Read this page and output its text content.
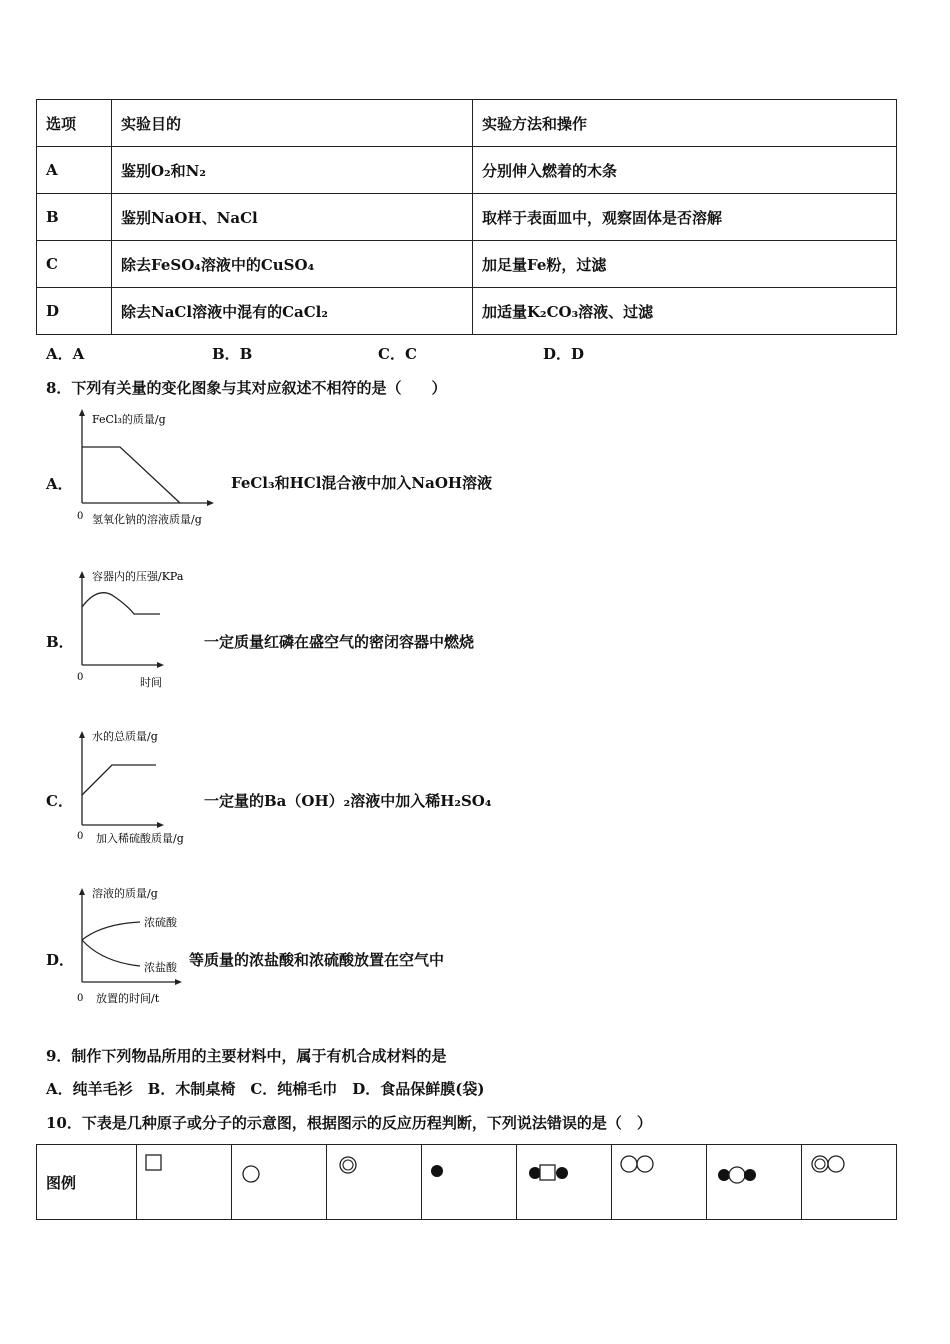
选项	实验目的	实验方法和操作
A	鉴别O₂和N₂	分别伸入燃着的木条
B	鉴别NaOH、NaCl	取样于表面皿中，观察固体是否溶解
C	除去FeSO₄溶液中的CuSO₄	加足量Fe粉，过滤
D	除去NaCl溶液中混有的CaCl₂	加适量K₂CO₃溶液、过滤
A．A	B．B	C．C	D．D
8．下列有关量的变化图象与其对应叙述不相符的是（　　）
A．
FeCl₃的质量/g
0 氢氧化钠的溶液质量/g
FeCl₃和HCl混合液中加入NaOH溶液
B．
容器内的压强/KPa
0	时间
一定质量红磷在盛空气的密闭容器中燃烧
C．
水的总质量/g
0 加入稀硫酸质量/g
一定量的Ba（OH）₂溶液中加入稀H₂SO₄
D．
浓硫酸
浓盐酸
溶液的质量/g
0 放置的时间/t
等质量的浓盐酸和浓硫酸放置在空气中
9．制作下列物品所用的主要材料中，属于有机合成材料的是
A．纯羊毛衫　B．木制桌椅　C．纯棉毛巾　D．食品保鲜膜(袋)
10．下表是几种原子或分子的示意图，根据图示的反应历程判断，下列说法错误的是（　）
图例								
